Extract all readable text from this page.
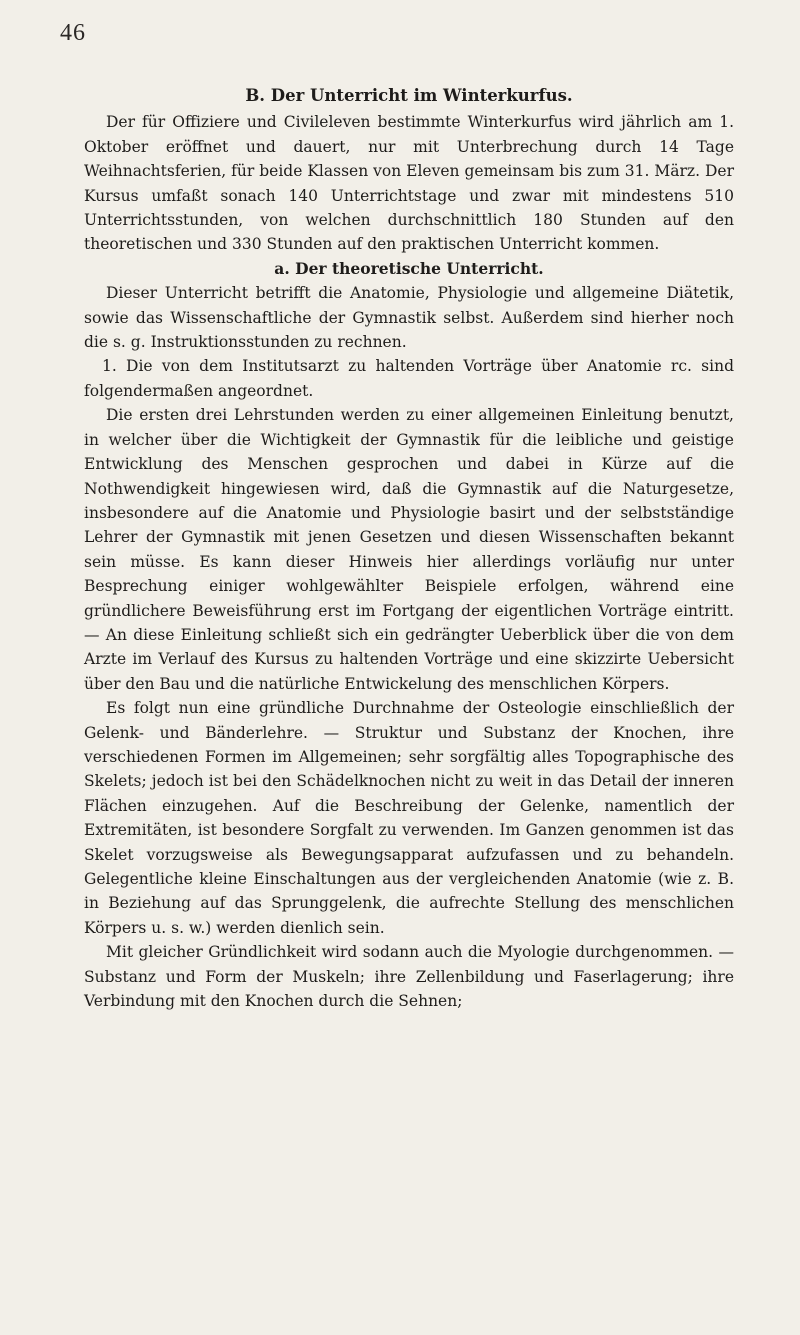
46

B. Der Unterricht im Winterkurfus.

Der für Offiziere und Civileleven bestimmte Winterkurfus wird jährlich am 1. Oktober eröffnet und dauert, nur mit Unterbrechung durch 14 Tage Weihnachtsferien, für beide Klassen von Eleven gemeinsam bis zum 31. März. Der Kursus umfaßt sonach 140 Unterrichtstage und zwar mit mindestens 510 Unterrichtsstunden, von welchen durchschnittlich 180 Stunden auf den theoretischen und 330 Stunden auf den praktischen Unterricht kommen.

a. Der theoretische Unterricht.

Dieser Unterricht betrifft die Anatomie, Physiologie und allgemeine Diätetik, sowie das Wissenschaftliche der Gymnastik selbst. Außerdem sind hierher noch die s. g. Instruktionsstunden zu rechnen.

1. Die von dem Institutsarzt zu haltenden Vorträge über Anatomie rc. sind folgendermaßen angeordnet.

Die ersten drei Lehrstunden werden zu einer allgemeinen Einleitung benutzt, in welcher über die Wichtigkeit der Gymnastik für die leibliche und geistige Entwicklung des Menschen gesprochen und dabei in Kürze auf die Nothwendigkeit hingewiesen wird, daß die Gymnastik auf die Naturgesetze, insbesondere auf die Anatomie und Physiologie basirt und der selbstständige Lehrer der Gymnastik mit jenen Gesetzen und diesen Wissenschaften bekannt sein müsse. Es kann dieser Hinweis hier allerdings vorläufig nur unter Besprechung einiger wohlgewählter Beispiele erfolgen, während eine gründlichere Beweisführung erst im Fortgang der eigentlichen Vorträge eintritt. — An diese Einleitung schließt sich ein gedrängter Ueberblick über die von dem Arzte im Verlauf des Kursus zu haltenden Vorträge und eine skizzirte Uebersicht über den Bau und die natürliche Entwickelung des menschlichen Körpers.

Es folgt nun eine gründliche Durchnahme der Osteologie einschließlich der Gelenk- und Bänderlehre. — Struktur und Substanz der Knochen, ihre verschiedenen Formen im Allgemeinen; sehr sorgfältig alles Topographische des Skelets; jedoch ist bei den Schädelknochen nicht zu weit in das Detail der inneren Flächen einzugehen. Auf die Beschreibung der Gelenke, namentlich der Extremitäten, ist besondere Sorgfalt zu verwenden. Im Ganzen genommen ist das Skelet vorzugsweise als Bewegungsapparat aufzufassen und zu behandeln. Gelegentliche kleine Einschaltungen aus der vergleichenden Anatomie (wie z. B. in Beziehung auf das Sprunggelenk, die aufrechte Stellung des menschlichen Körpers u. s. w.) werden dienlich sein.

Mit gleicher Gründlichkeit wird sodann auch die Myologie durchgenommen. — Substanz und Form der Muskeln; ihre Zellenbildung und Faserlagerung; ihre Verbindung mit den Knochen durch die Sehnen;
